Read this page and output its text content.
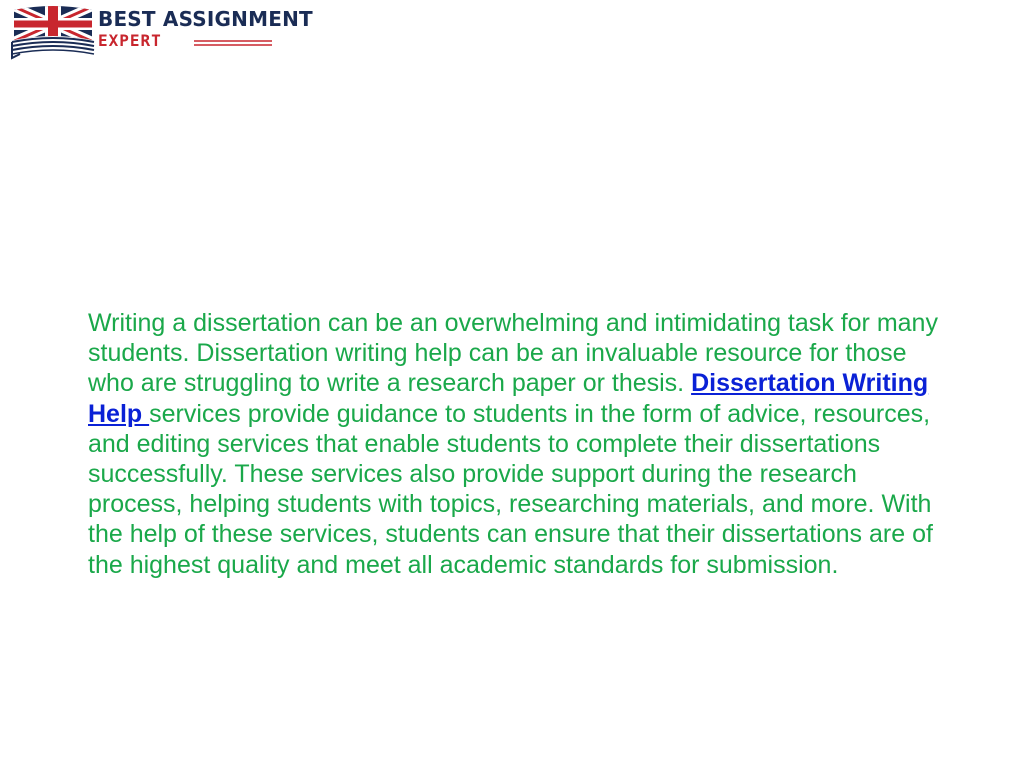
BEST ASSIGNMENT
EXPERT

Writing a dissertation can be an overwhelming and intimidating task for many students. Dissertation writing help can be an invaluable resource for those who are struggling to write a research paper or thesis. Dissertation Writing Help services provide guidance to students in the form of advice, resources, and editing services that enable students to complete their dissertations successfully. These services also provide support during the research process, helping students with topics, researching materials, and more. With the help of these services, students can ensure that their dissertations are of the highest quality and meet all academic standards for submission.
